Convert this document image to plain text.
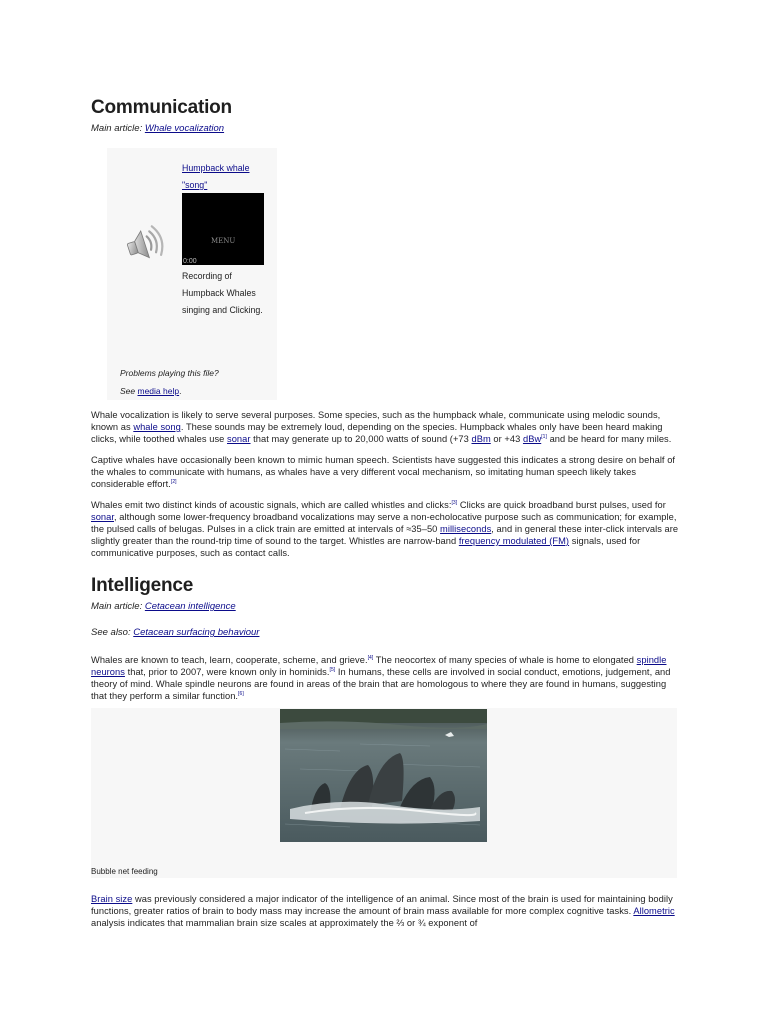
Communication
Main article: Whale vocalization
Humpback whale
"song"
MENU
0:00
Recording of Humpback Whales singing and Clicking.
Problems playing this file?
See media help.

Whale vocalization is likely to serve several purposes. Some species, such as the humpback whale, communicate using melodic sounds, known as whale song. These sounds may be extremely loud, depending on the species. Humpback whales only have been heard making clicks, while toothed whales use sonar that may generate up to 20,000 watts of sound (+73 dBm or +43 dBw[1] and be heard for many miles.

Captive whales have occasionally been known to mimic human speech. Scientists have suggested this indicates a strong desire on behalf of the whales to communicate with humans, as whales have a very different vocal mechanism, so imitating human speech likely takes considerable effort.[2]

Whales emit two distinct kinds of acoustic signals, which are called whistles and clicks:[3] Clicks are quick broadband burst pulses, used for sonar, although some lower-frequency broadband vocalizations may serve a non-echolocative purpose such as communication; for example, the pulsed calls of belugas. Pulses in a click train are emitted at intervals of ≈35–50 milliseconds, and in general these inter-click intervals are slightly greater than the round-trip time of sound to the target. Whistles are narrow-band frequency modulated (FM) signals, used for communicative purposes, such as contact calls.

Intelligence
Main article: Cetacean intelligence
See also: Cetacean surfacing behaviour

Whales are known to teach, learn, cooperate, scheme, and grieve.[4] The neocortex of many species of whale is home to elongated spindle neurons that, prior to 2007, were known only in hominids.[5] In humans, these cells are involved in social conduct, emotions, judgement, and theory of mind. Whale spindle neurons are found in areas of the brain that are homologous to where they are found in humans, suggesting that they perform a similar function.[6]

Bubble net feeding

Brain size was previously considered a major indicator of the intelligence of an animal. Since most of the brain is used for maintaining bodily functions, greater ratios of brain to body mass may increase the amount of brain mass available for more complex cognitive tasks. Allometric analysis indicates that mammalian brain size scales at approximately the ⅔ or ¾ exponent of
